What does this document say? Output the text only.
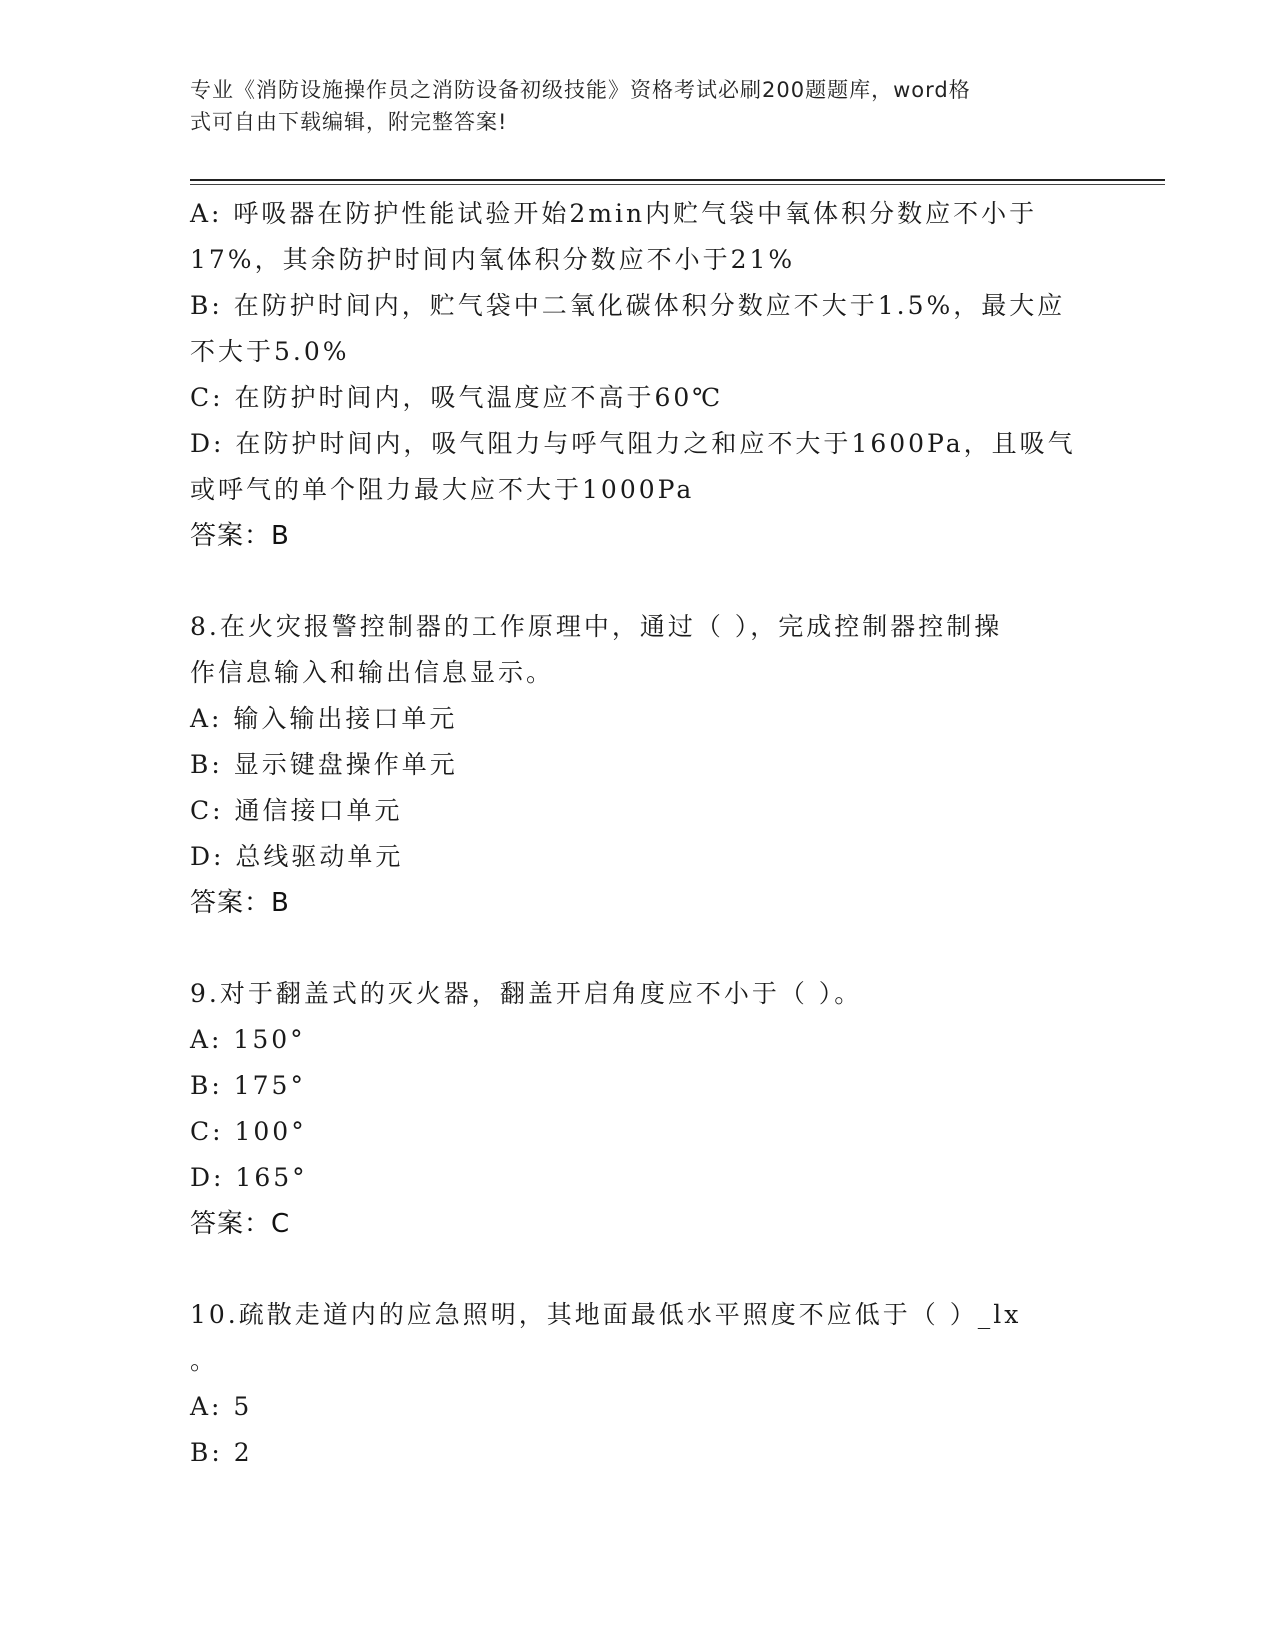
专业《消防设施操作员之消防设备初级技能》资格考试必刷200题题库，word格
式可自由下载编辑，附完整答案!
A: 呼吸器在防护性能试验开始2min内贮气袋中氧体积分数应不小于
17%，其余防护时间内氧体积分数应不小于21%
B: 在防护时间内，贮气袋中二氧化碳体积分数应不大于1.5%，最大应
不大于5.0%
C: 在防护时间内，吸气温度应不高于60℃
D: 在防护时间内，吸气阻力与呼气阻力之和应不大于1600Pa，且吸气
或呼气的单个阻力最大应不大于1000Pa
答案：B
8.在火灾报警控制器的工作原理中，通过（ ），完成控制器控制操
作信息输入和输出信息显示。
A: 输入输出接口单元
B: 显示键盘操作单元
C: 通信接口单元
D: 总线驱动单元
答案：B
9.对于翻盖式的灭火器，翻盖开启角度应不小于（ ）。
A: 150°
B: 175°
C: 100°
D: 165°
答案：C
10.疏散走道内的应急照明，其地面最低水平照度不应低于（ ）_lx
。
A: 5
B: 2
